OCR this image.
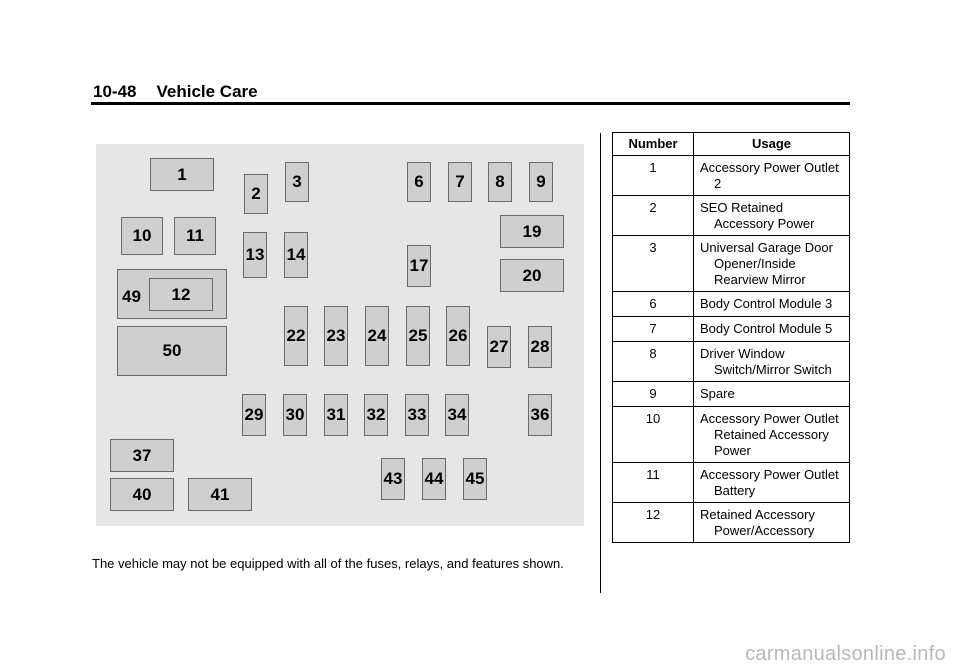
10-48 Vehicle Care
1
2
3	6	7	8	9
10	11
49	12
50
13 14
17
19
20
22 23 24 25 26
27 28
29 30 31 32 33 34	36
37
40	41
43 44 45
The vehicle may not be equipped with all of the fuses, relays, and features shown.
Number	Usage
1	Accessory Power Outlet 2

2	SEO Retained Accessory Power

3	Universal Garage Door Opener/Inside Rearview Mirror

6	Body Control Module 3

7	Body Control Module 5

8	Driver Window Switch/Mirror Switch

9	Spare

10	Accessory Power Outlet Retained Accessory Power

11	Accessory Power Outlet Battery

12	Retained Accessory Power/Accessory
carmanualsonline.info
